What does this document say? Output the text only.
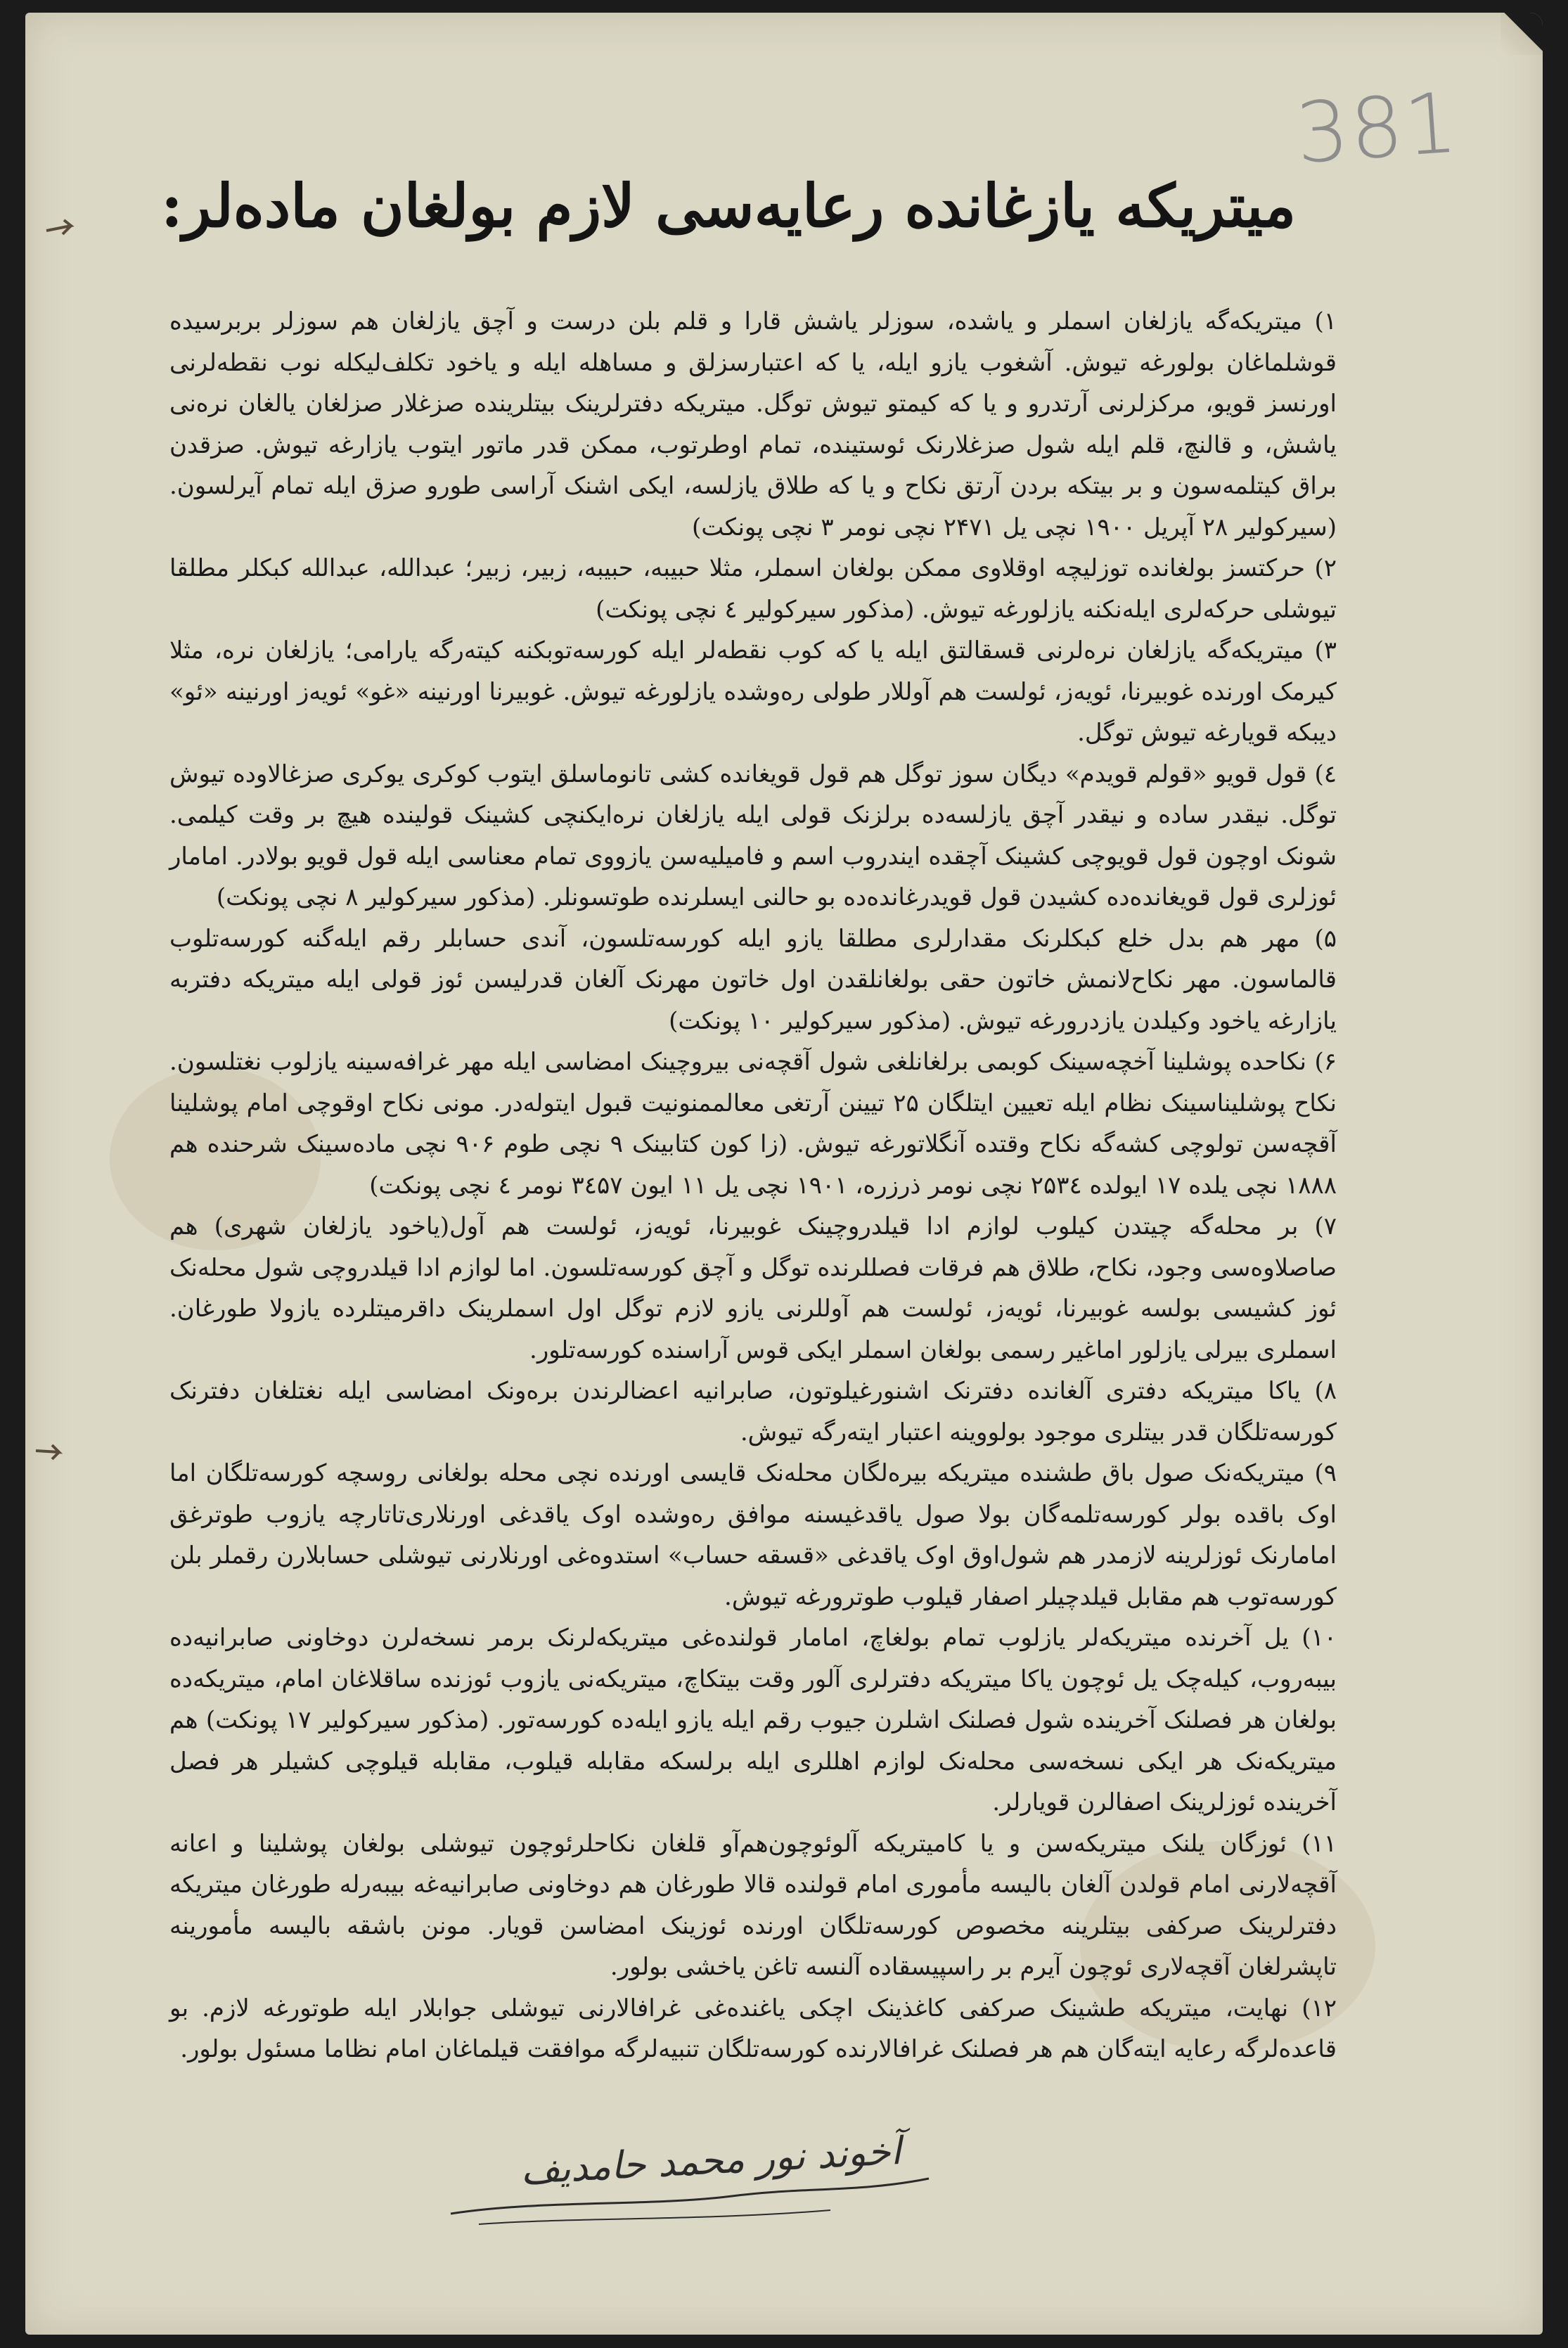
381
میتریکه یازغانده رعایه‌سی لازم بولغان ماده‌لر:

۱) میتریکه‌گه یازلغان اسملر و یاشده، سوزلر یاشش قارا و قلم بلن درست و آچق یازلغان هم سوزلر بربرسیده قوشلماغان بولورغه تیوش. آشغوب یازو ایله، یا که اعتبار‌سزلق و مساهله ایله و یاخود تکلف‌لیکله نوب نقطه‌لرنی اورنسز قویو، مرکزلرنی آرتدرو و یا که کیمتو تیوش توگل. میتریکه دفترلرینک بیتلرینده صزغلار صزلغان یالغان نره‌نی یاشش، و قالنچ، قلم ایله شول صزغلارنک ئوستینده، تمام اوطرتوب، ممکن قدر ماتور ایتوب یازارغه تیوش. صزقدن براق کیتلمه‌سون و بر بیتکه بردن آرتق نکاح و یا که طلاق یازلسه، ایکی اشنک آراسی طورو صزق ایله تمام آیرلسون. (سیرکولیر ۲۸ آپریل ۱۹۰۰ نچی یل ۲۴۷۱ نچی نومر ۳ نچی پونکت)

۲) حرکتسز بولغانده توزلیچه اوقلاوی ممکن بولغان اسملر، مثلا حبیبه، حبیبه، زبیر، زبیر؛ عبدالله، عبدالله کبکلر مطلقا تیوشلی حرکه‌لری ایله‌نکنه یازلورغه تیوش. (مذکور سیرکولیر ٤ نچی پونکت)

۳) میتریکه‌گه یازلغان نره‌لرنی قسقالتق ایله یا که کوب نقطه‌لر ایله کورسه‌توبکنه کیته‌رگه یارامی؛ یازلغان نره‌، مثلا کیرمک اورنده غوبیرنا، ئویه‌ز، ئولست هم آوللار طولی ره‌وشده یازلورغه تیوش. غوبیرنا اورنینه «غو» ئویه‌ز اورنینه «ئو» دیبکه قویارغه تیوش توگل.

٤) قول قویو «قولم قویدم» دیگان سوز توگل هم قول قویغانده کشی تانوماسلق ایتوب کوکری یوکری صزغالاوده تیوش توگل. نیقدر ساده و نیقدر آچق یازلسه‌ده برلزنک قولی ایله یازلغان نره‌ایکنچی کشینک قولینده هیچ بر وقت کیلمی. شونک اوچون قول قویوچی کشینک آچقده ایندروب اسم و فامیلیه‌سن یازووی تمام معناسی ایله قول قویو بولادر. امامار ئوزلری قول قویغانده‌ده کشیدن قول قویدرغانده‌ده بو حالنی ایسلرنده طوتسونلر. (مذکور سیرکولیر ۸ نچی پونکت)

۵) مهر هم بدل خلع کبکلرنک مقدارلری مطلقا یازو ایله کورسه‌تلسون، آندی حسابلر رقم ایله‌گنه کورسه‌تلوب قالماسون. مهر نکاح‌لانمش خاتون حقی بولغانلقدن اول خاتون مهرنک آلغان قدرلیسن ئوز قولی ایله میتریکه دفتربه یازارغه یاخود وکیلدن یازدرورغه تیوش. (مذکور سیرکولیر ۱۰ پونکت)

۶) نکاحده پوشلینا آخچه‌سینک کوبمی برلغانلغی شول آقچه‌نی بیروچینک امضاسی ایله مهر غرافه‌سینه یازلوب نغتلسون. نکاح پوشلیناسینک نظام ایله تعیین ایتلگان ۲۵ تیینن آرتغی معالممنونیت قبول ایتوله‌در. مونی نکاح اوقوچی امام پوشلینا آقچه‌سن تولوچی کشه‌گه نکاح وقتده آنگلاتورغه تیوش. (زا کون کتابینک ۹ نچی طوم ۹۰۶ نچی ماده‌سینک شرحنده هم ۱۸۸۸ نچی یلده ۱۷ ایولده ۲۵۳٤ نچی نومر ذرزره، ۱۹۰۱ نچی یل ۱۱ ایون ۳٤۵۷ نومر ٤ نچی پونکت)

۷) بر محله‌گه چیتدن کیلوب لوازم ادا قیلدروچینک غوبیرنا، ئویه‌ز، ئولست هم آول(یاخود یازلغان شهری) هم صاصلاوه‌سی وجود، نکاح، طلاق هم فرقات فصللرنده توگل و آچق کورسه‌تلسون. اما لوازم ادا قیلدروچی شول محله‌نک ئوز کشیسی بولسه غوبیرنا، ئویه‌ز، ئولست هم آوللرنی یازو لازم توگل اول اسملرینک داقرمیتلرده یازولا طورغان. اسملری بیرلی یازلور اماغیر رسمی بولغان اسملر ایکی قوس آراسنده کورسه‌تلور.

۸) یاکا میتریکه دفتری آلغانده دفترنک اشنورغیلوتون، صابرانیه اعضالرندن بره‌ونک امضاسی ایله نغتلغان دفترنک کورسه‌تلگان قدر بیتلری موجود بولووینه اعتبار ایته‌رگه تیوش.

۹) میتریکه‌نک صول باق طشنده میتریکه بیره‌لگان محله‌نک قایسی اورنده نچی محله بولغانی روسچه کورسه‌تلگان اما اوک باقده بولر کورسه‌تلمه‌گان بولا صول یاقدغیسنه موافق ره‌وشده اوک یاقدغی اورنلاری‌تاتارچه یازوب طوترغق امامارنک ئوزلرینه لازمدر هم شول‌اوق اوک یاقدغی «قسقه حساب» استدوه‌غی اورنلارنی تیوشلی حسابلارن رقملر بلن کورسه‌توب هم مقابل قیلدچیلر اصفار قیلوب طوترورغه تیوش.

۱۰) یل آخرنده میتریکه‌لر یازلوب تمام بولغاچ، امامار قولنده‌غی میتریکه‌لرنک برمر نسخه‌لرن دوخاونی صابرانیه‌ده بیبه‌روب، کیله‌چک یل ئوچون یا‌کا میتریکه دفترلری آلور وقت بیتکاچ، میتریکه‌نی یازوب ئوزنده ساقلاغان امام، میتریکه‌ده بولغان هر فصلنک آخرینده شول فصلنک اشلرن جیوب رقم ایله یازو ایله‌ده کورسه‌تور. (مذکور سیرکولیر ۱۷ پونکت) هم میتریکه‌نک هر ایکی نسخه‌سی محله‌نک لوازم اهللری ایله برلسکه مقابله قیلوب، مقابله قیلوچی کشیلر هر فصل آخرینده ئوزلرینک اصفالرن قویارلر.

۱۱) ئوزگان یلنک میتریکه‌سن و یا کامیتریکه آلوئوچون‌هم‌آو قلغان نکاحلرئوچون تیوشلی بولغان پوشلینا و اعانه آقچه‌لارنی امام قولدن آلغان بالیسه مأموری امام قولنده قالا طورغان هم دوخاونی صابرانیه‌غه بیبه‌رله طورغان میتریکه دفترلرینک صرکفی بیتلرینه مخصوص کورسه‌تلگان اورنده ئوزینک امضاسن قویار. مونن باشقه بالیسه مأمورینه تاپشرلغان آقچه‌لاری ئوچون آیرم بر راسپیسقاده آلنسه تاغن یاخشی بولور.

۱۲) نهایت، میتریکه طشینک صرکفی کاغذینک اچکی یاغنده‌غی غرافالارنی تیوشلی جوابلار ایله طوتورغه لازم. بو قاعده‌لرگه رعایه ایته‌گان هم هر فصلنک غرافالارنده کورسه‌تلگان تنبیه‌لرگه موافقت قیلماغان امام نظاما مسئول بولور.

آخوند نور محمد حامدیف
